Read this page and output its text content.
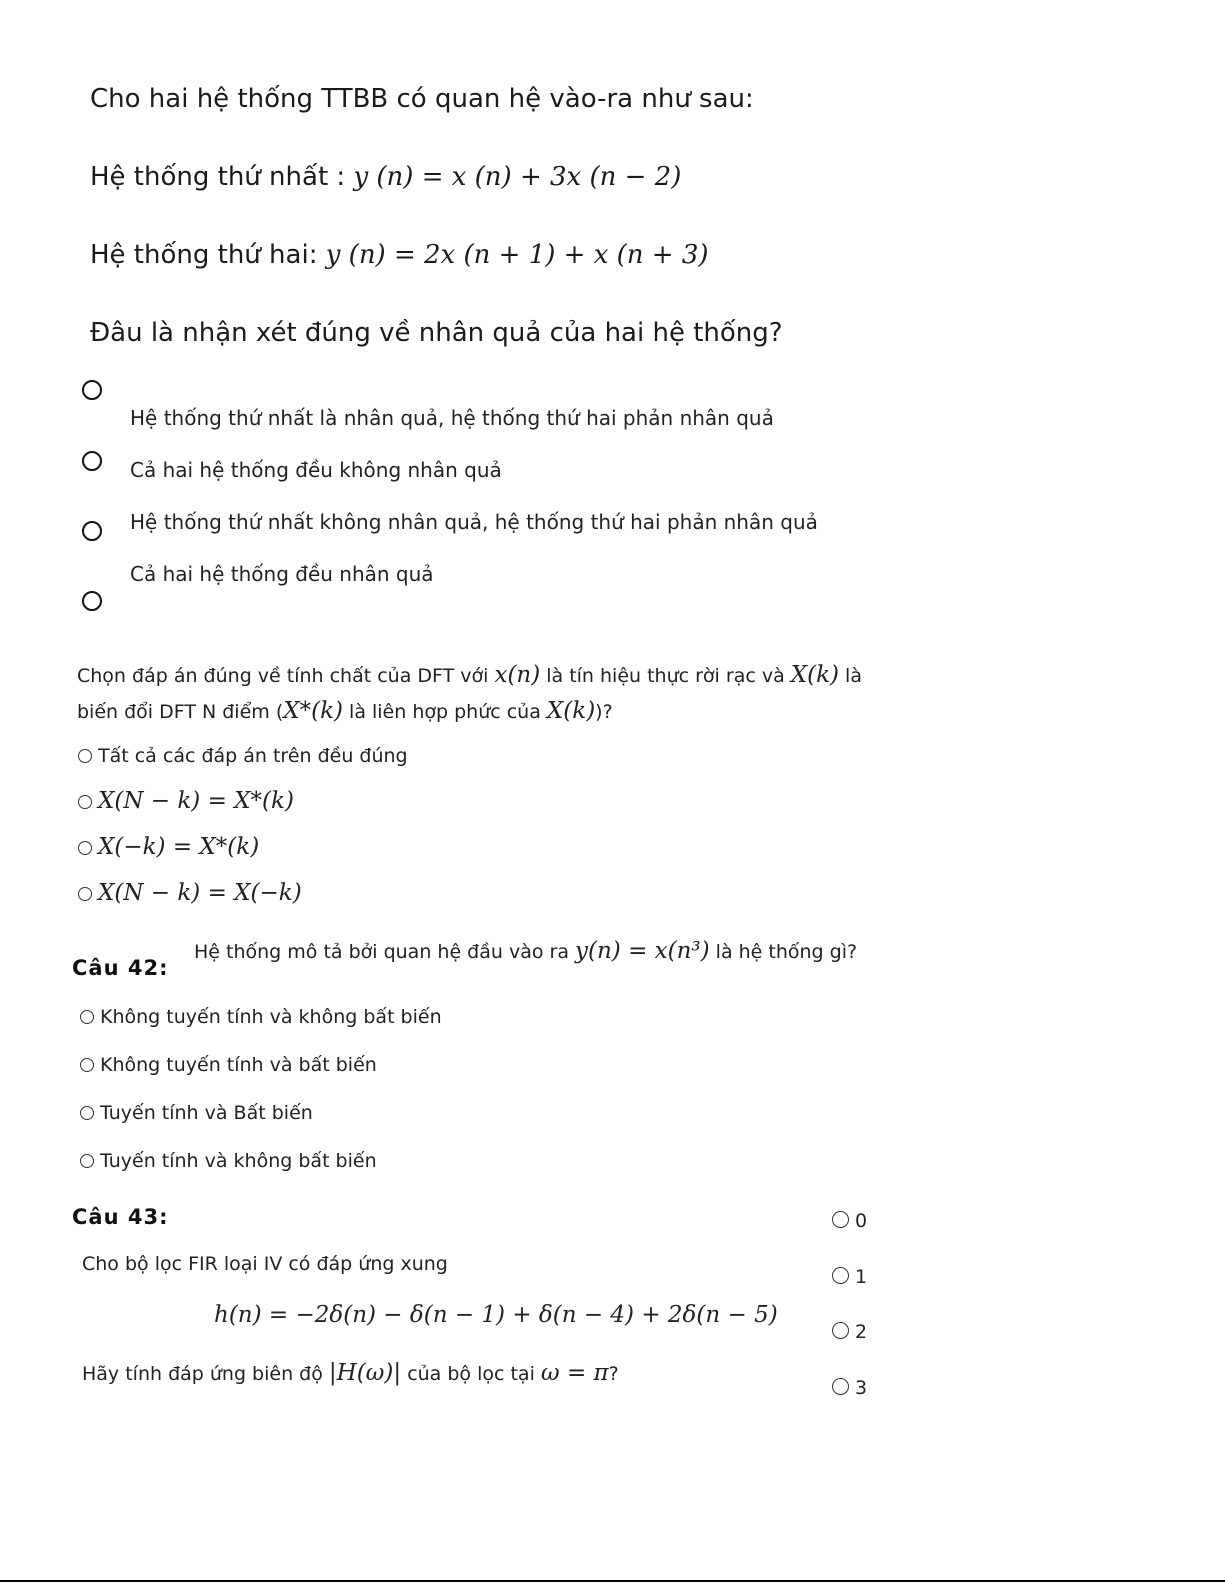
Cho hai hệ thống TTBB có quan hệ vào-ra như sau:
Hệ thống thứ nhất : y (n) = x (n) + 3x (n − 2)
Hệ thống thứ hai: y (n) = 2x (n + 1) + x (n + 3)
Đâu là nhận xét đúng về nhân quả của hai hệ thống?
Hệ thống thứ nhất là nhân quả, hệ thống thứ hai phản nhân quả
Cả hai hệ thống đều không nhân quả
Hệ thống thứ nhất không nhân quả, hệ thống thứ hai phản nhân quả
Cả hai hệ thống đều nhân quả
Chọn đáp án đúng về tính chất của DFT với x(n) là tín hiệu thực rời rạc và X(k) là
biến đổi DFT N điểm (X*(k) là liên hợp phức của X(k))?
Tất cả các đáp án trên đều đúng
X(N − k) = X*(k)
X(−k) = X*(k)
X(N − k) = X(−k)
Câu 42:
Hệ thống mô tả bởi quan hệ đầu vào ra y(n) = x(n³) là hệ thống gì?
Không tuyến tính và không bất biến
Không tuyến tính và bất biến
Tuyến tính và Bất biến
Tuyến tính và không bất biến
Câu 43:
Cho bộ lọc FIR loại IV có đáp ứng xung
h(n) = −2δ(n) − δ(n − 1) + δ(n − 4) + 2δ(n − 5)
Hãy tính đáp ứng biên độ |H(ω)| của bộ lọc tại ω = π?
0
1
2
3
